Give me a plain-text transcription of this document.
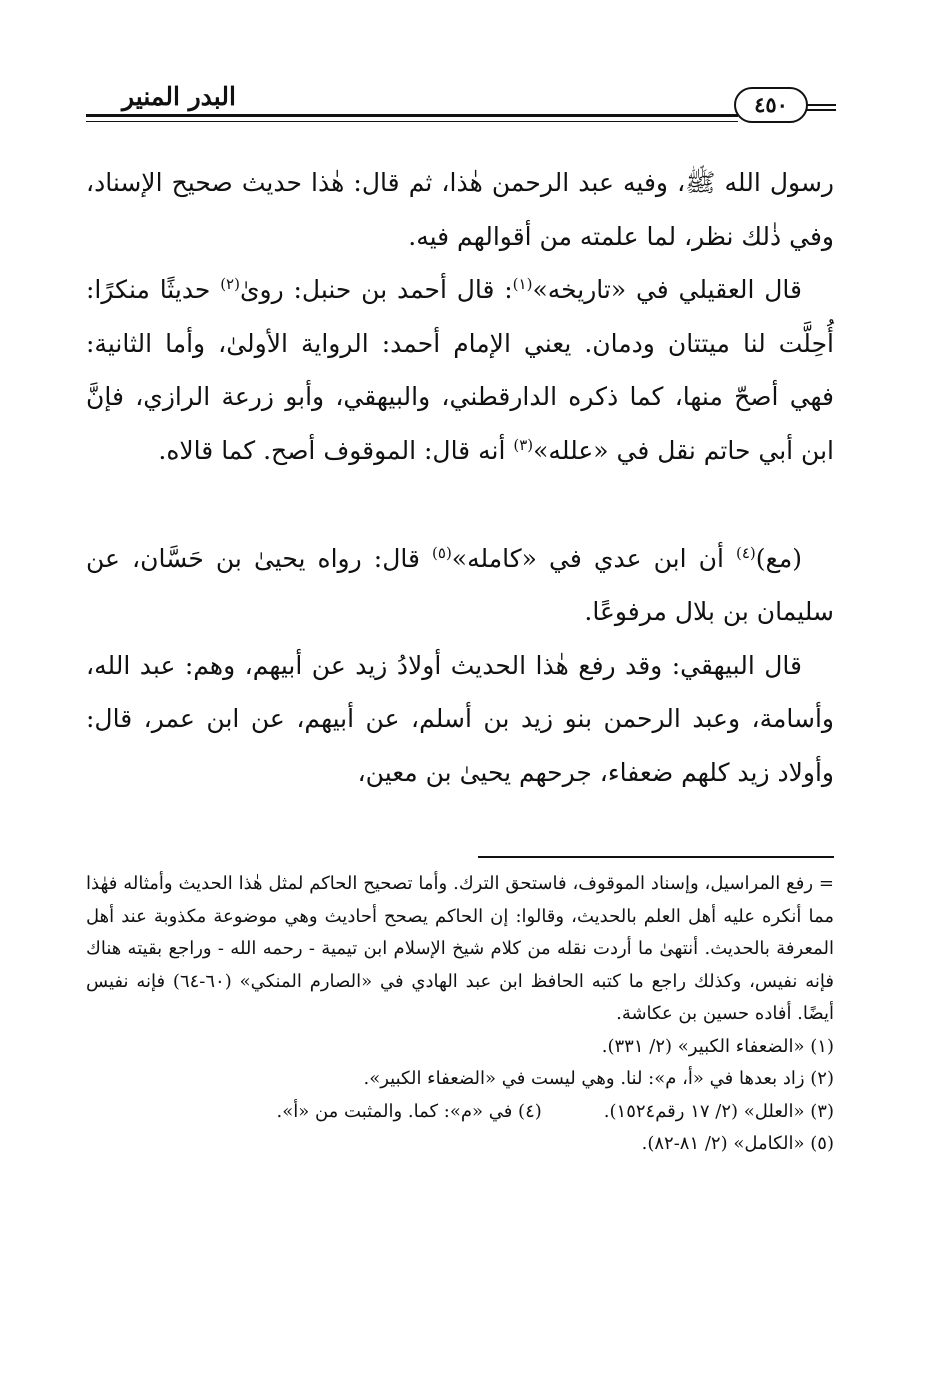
البدر المنير	٤٥٠

رسول الله ﷺ، وفيه عبد الرحمن هٰذا، ثم قال: هٰذا حديث صحيح الإسناد، وفي ذٰلك نظر، لما علمته من أقوالهم فيه.

قال العقيلي في «تاريخه»$^{(١)}$: قال أحمد بن حنبل: روىٰ$^{(٢)}$ حديثًا منكرًا: أُحِلَّت لنا ميتتان ودمان. يعني الإمام أحمد: الرواية الأولىٰ، وأما الثانية: فهي أصحّ منها، كما ذكره الدارقطني، والبيهقي، وأبو زرعة الرازي، فإنَّ ابن أبي حاتم نقل في «علله»$^{(٣)}$ أنه قال: الموقوف أصح. كما قالاه.

(مع)$^{(٤)}$ أن ابن عدي في «كامله»$^{(٥)}$ قال: رواه يحيىٰ بن حَسَّان، عن سليمان بن بلال مرفوعًا.

قال البيهقي: وقد رفع هٰذا الحديث أولادُ زيد عن أبيهم، وهم: عبد الله، وأسامة، وعبد الرحمن بنو زيد بن أسلم، عن أبيهم، عن ابن عمر، قال: وأولاد زيد كلهم ضعفاء، جرحهم يحيىٰ بن معين،

= رفع المراسيل، وإسناد الموقوف، فاستحق الترك. وأما تصحيح الحاكم لمثل هٰذا الحديث وأمثاله فهٰذا مما أنكره عليه أهل العلم بالحديث، وقالوا: إن الحاكم يصحح أحاديث وهي موضوعة مكذوبة عند أهل المعرفة بالحديث. أنتهىٰ ما أردت نقله من كلام شيخ الإسلام ابن تيمية - رحمه الله - وراجع بقيته هناك فإنه نفيس، وكذلك راجع ما كتبه الحافظ ابن عبد الهادي في «الصارم المنكي» (٦٠-٦٤) فإنه نفيس أيضًا. أفاده حسين بن عكاشة.

(١) «الضعفاء الكبير» (٢/ ٣٣١).

(٢) زاد بعدها في «أ، م»: لنا. وهي ليست في «الضعفاء الكبير».

(٣) «العلل» (٢/ ١٧ رقم١٥٢٤).
(٤) في «م»: كما. والمثبت من «أ».

(٥) «الكامل» (٢/ ٨١-٨٢).
